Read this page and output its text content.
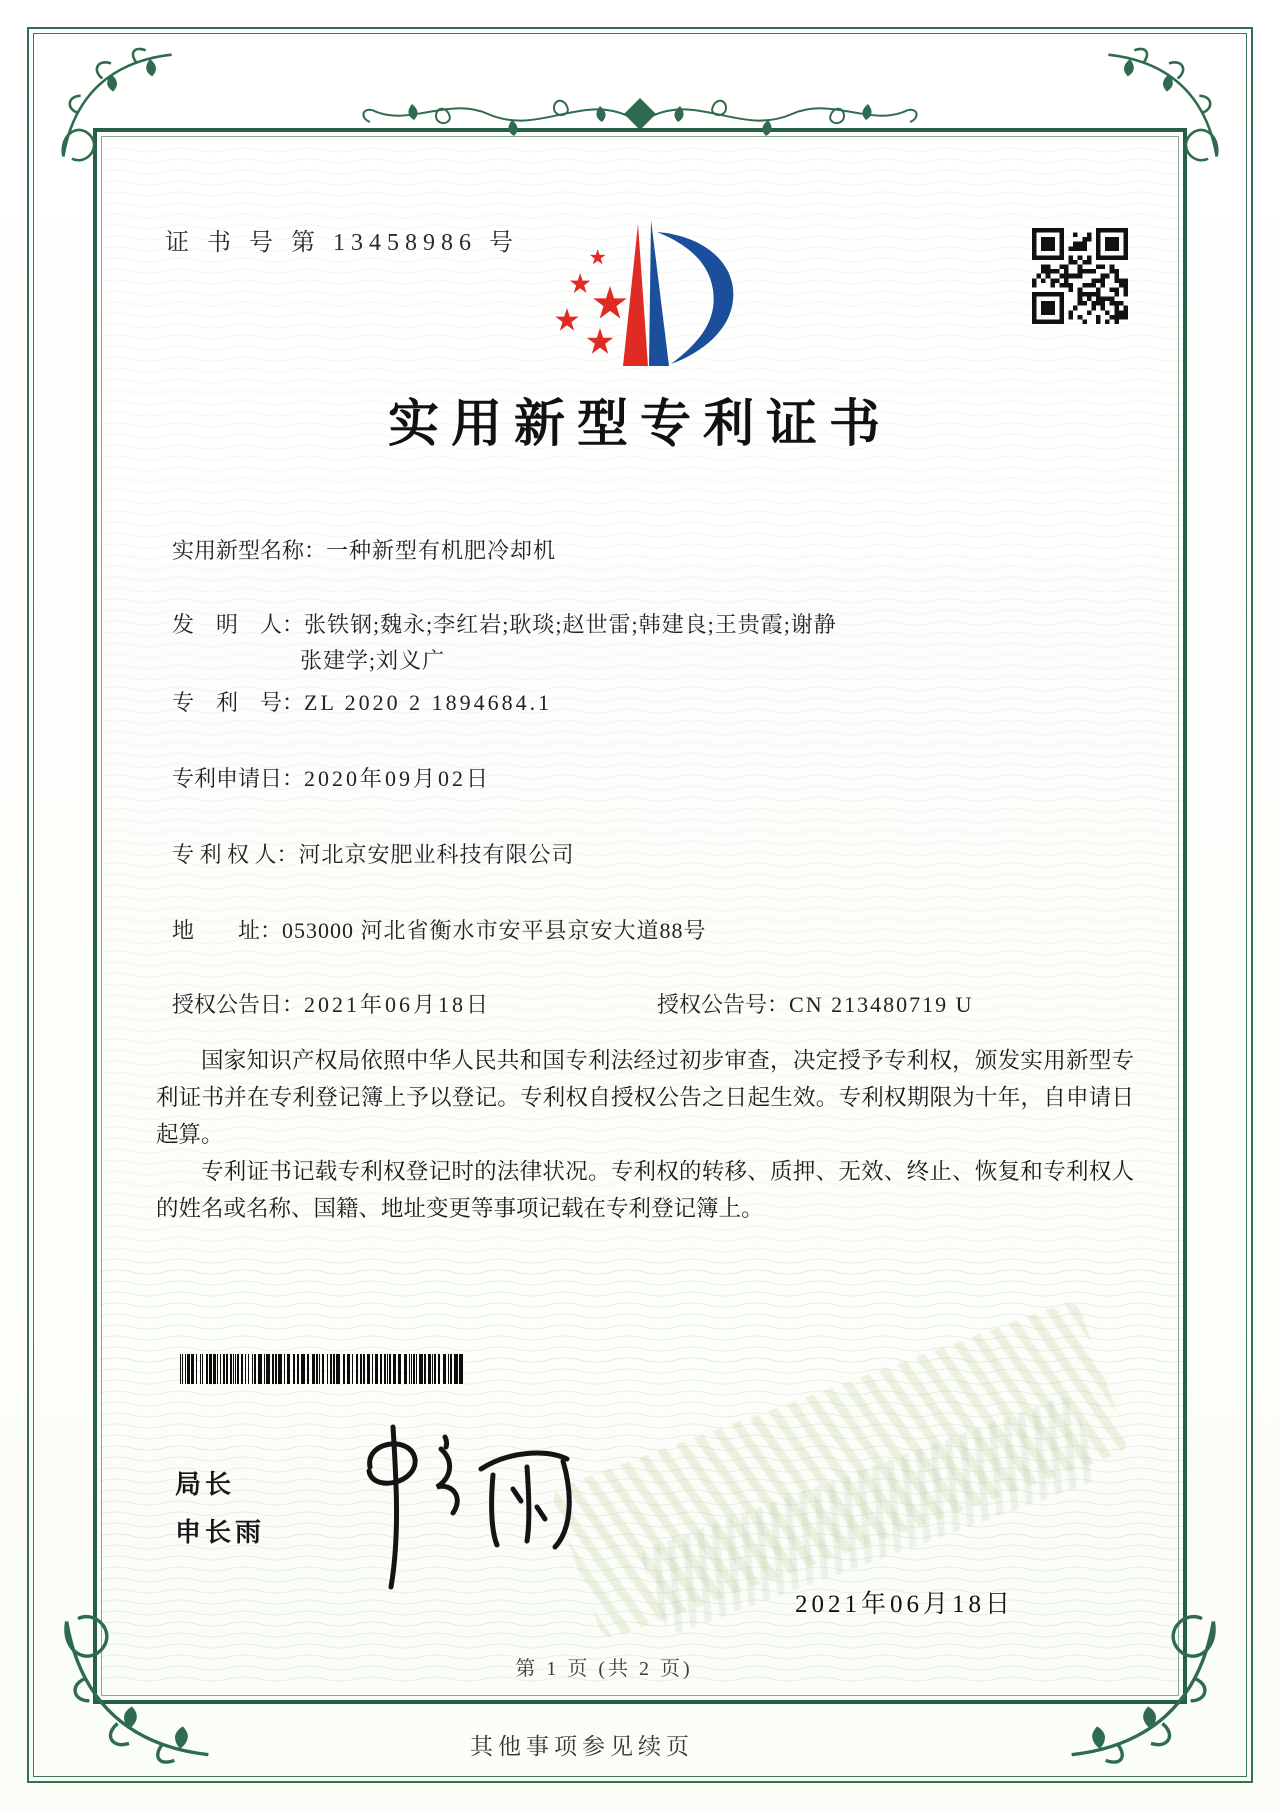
证 书 号 第 13458986 号
实用新型专利证书
实用新型名称：一种新型有机肥冷却机
发　明　人：张铁钢;魏永;李红岩;耿琰;赵世雷;韩建良;王贵霞;谢静
张建学;刘义广
专　利　号：ZL 2020 2 1894684.1
专利申请日：2020年09月02日
专 利 权 人：河北京安肥业科技有限公司
地　　址：053000 河北省衡水市安平县京安大道88号
授权公告日：2021年06月18日	授权公告号：CN 213480719 U

国家知识产权局依照中华人民共和国专利法经过初步审查，决定授予专利权，颁发实用新型专利证书并在专利登记簿上予以登记。专利权自授权公告之日起生效。专利权期限为十年，自申请日起算。

专利证书记载专利权登记时的法律状况。专利权的转移、质押、无效、终止、恢复和专利权人的姓名或名称、国籍、地址变更等事项记载在专利登记簿上。

局长
申长雨
2021年06月18日
第 1 页 (共 2 页)
其他事项参见续页
